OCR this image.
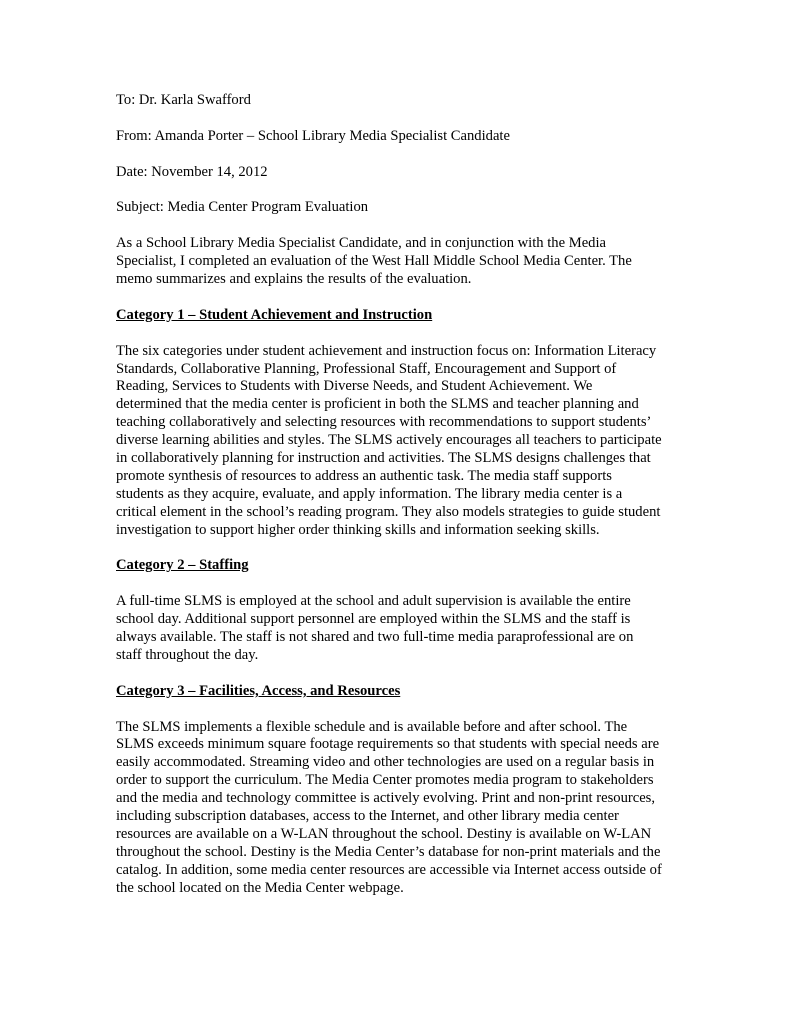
To: Dr. Karla Swafford

From: Amanda Porter – School Library Media Specialist Candidate

Date: November 14, 2012

Subject: Media Center Program Evaluation

As a School Library Media Specialist Candidate, and in conjunction with the Media
Specialist, I completed an evaluation of the West Hall Middle School Media Center. The
memo summarizes and explains the results of the evaluation.

Category 1 – Student Achievement and Instruction

The six categories under student achievement and instruction focus on: Information Literacy
Standards, Collaborative Planning, Professional Staff, Encouragement and Support of
Reading, Services to Students with Diverse Needs, and Student Achievement. We
determined that the media center is proficient in both the SLMS and teacher planning and
teaching collaboratively and selecting resources with recommendations to support students’
diverse learning abilities and styles. The SLMS actively encourages all teachers to participate
in collaboratively planning for instruction and activities. The SLMS designs challenges that
promote synthesis of resources to address an authentic task. The media staff supports
students as they acquire, evaluate, and apply information. The library media center is a
critical element in the school’s reading program. They also models strategies to guide student
investigation to support higher order thinking skills and information seeking skills.

Category 2 – Staffing

A full-time SLMS is employed at the school and adult supervision is available the entire
school day. Additional support personnel are employed within the SLMS and the staff is
always available. The staff is not shared and two full-time media paraprofessional are on
staff throughout the day.

Category 3 – Facilities, Access, and Resources

The SLMS implements a flexible schedule and is available before and after school. The
SLMS exceeds minimum square footage requirements so that students with special needs are
easily accommodated. Streaming video and other technologies are used on a regular basis in
order to support the curriculum. The Media Center promotes media program to stakeholders
and the media and technology committee is actively evolving. Print and non-print resources,
including subscription databases, access to the Internet, and other library media center
resources are available on a W-LAN throughout the school. Destiny is available on W-LAN
throughout the school. Destiny is the Media Center’s database for non-print materials and the
catalog. In addition, some media center resources are accessible via Internet access outside of
the school located on the Media Center webpage.
